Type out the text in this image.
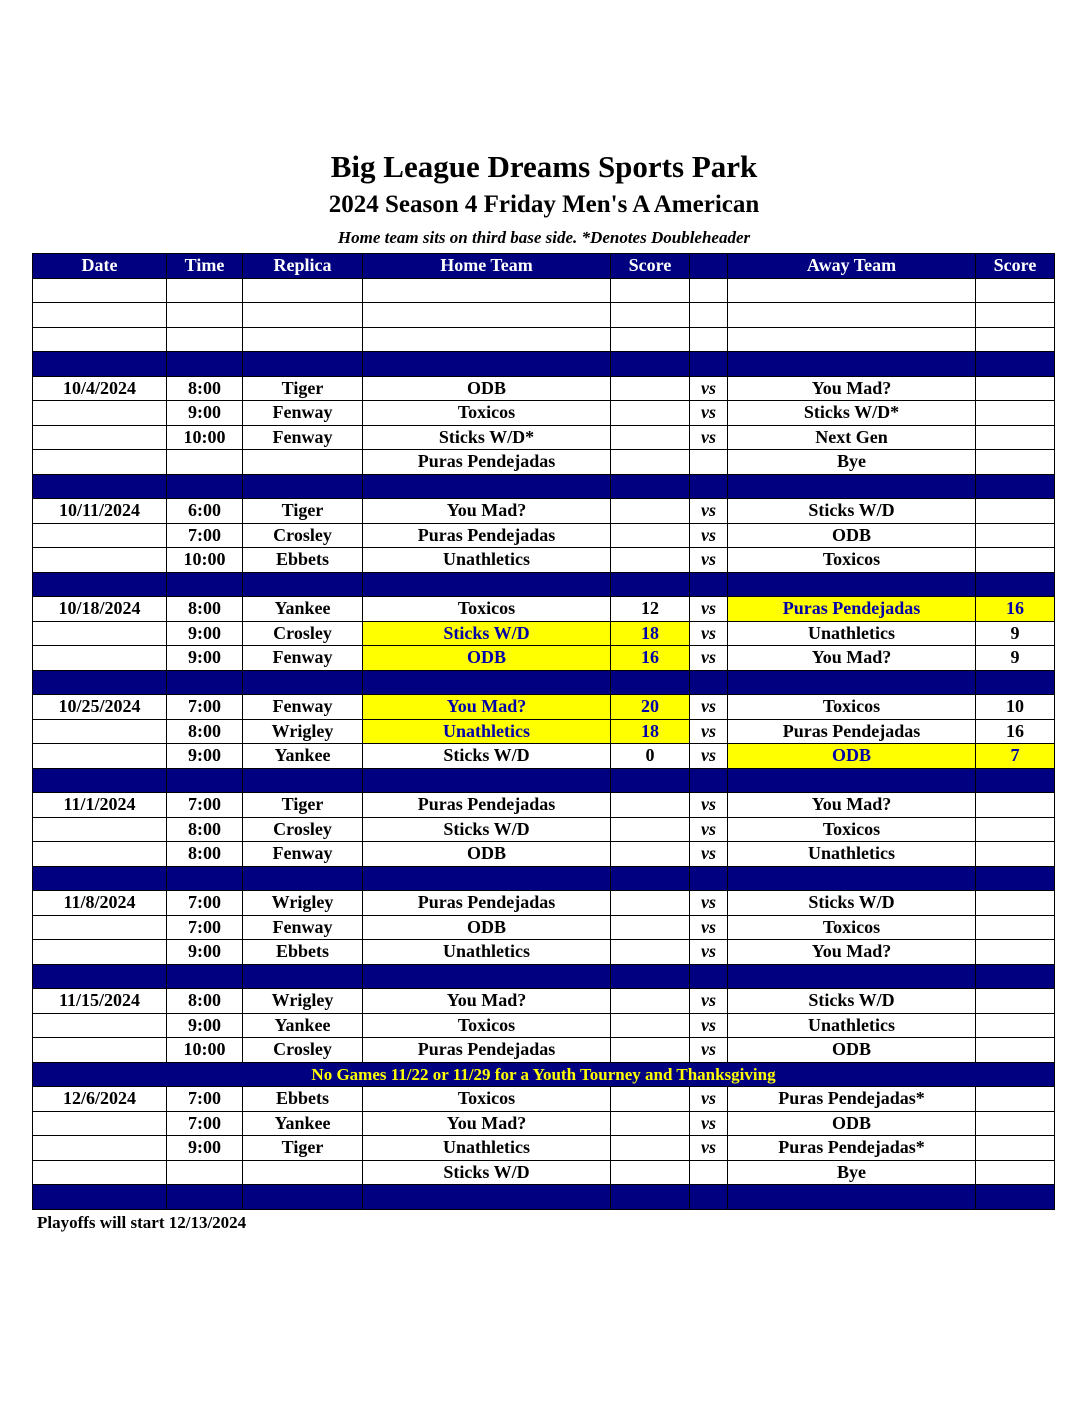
Big League Dreams Sports Park
2024 Season 4 Friday Men's A American
Home team sits on third base side. *Denotes Doubleheader
Date	Time	Replica	Home Team	Score		Away Team	Score

10/4/2024	8:00	Tiger	ODB		vs	You Mad?	
	9:00	Fenway	Toxicos		vs	Sticks W/D*	
	10:00	Fenway	Sticks W/D*		vs	Next Gen	
			Puras Pendejadas			Bye	

10/11/2024	6:00	Tiger	You Mad?		vs	Sticks W/D	
	7:00	Crosley	Puras Pendejadas		vs	ODB	
	10:00	Ebbets	Unathletics		vs	Toxicos	

10/18/2024	8:00	Yankee	Toxicos	12	vs	Puras Pendejadas	16
	9:00	Crosley	Sticks W/D	18	vs	Unathletics	9
	9:00	Fenway	ODB	16	vs	You Mad?	9

10/25/2024	7:00	Fenway	You Mad?	20	vs	Toxicos	10
	8:00	Wrigley	Unathletics	18	vs	Puras Pendejadas	16
	9:00	Yankee	Sticks W/D	0	vs	ODB	7

11/1/2024	7:00	Tiger	Puras Pendejadas		vs	You Mad?	
	8:00	Crosley	Sticks W/D		vs	Toxicos	
	8:00	Fenway	ODB		vs	Unathletics	

11/8/2024	7:00	Wrigley	Puras Pendejadas		vs	Sticks W/D	
	7:00	Fenway	ODB		vs	Toxicos	
	9:00	Ebbets	Unathletics		vs	You Mad?	

11/15/2024	8:00	Wrigley	You Mad?		vs	Sticks W/D	
	9:00	Yankee	Toxicos		vs	Unathletics	
	10:00	Crosley	Puras Pendejadas		vs	ODB	
No Games 11/22 or 11/29 for a Youth Tourney and Thanksgiving							
12/6/2024	7:00	Ebbets	Toxicos		vs	Puras Pendejadas*	
	7:00	Yankee	You Mad?		vs	ODB	
	9:00	Tiger	Unathletics		vs	Puras Pendejadas*	
			Sticks W/D			Bye	

Playoffs will start 12/13/2024
